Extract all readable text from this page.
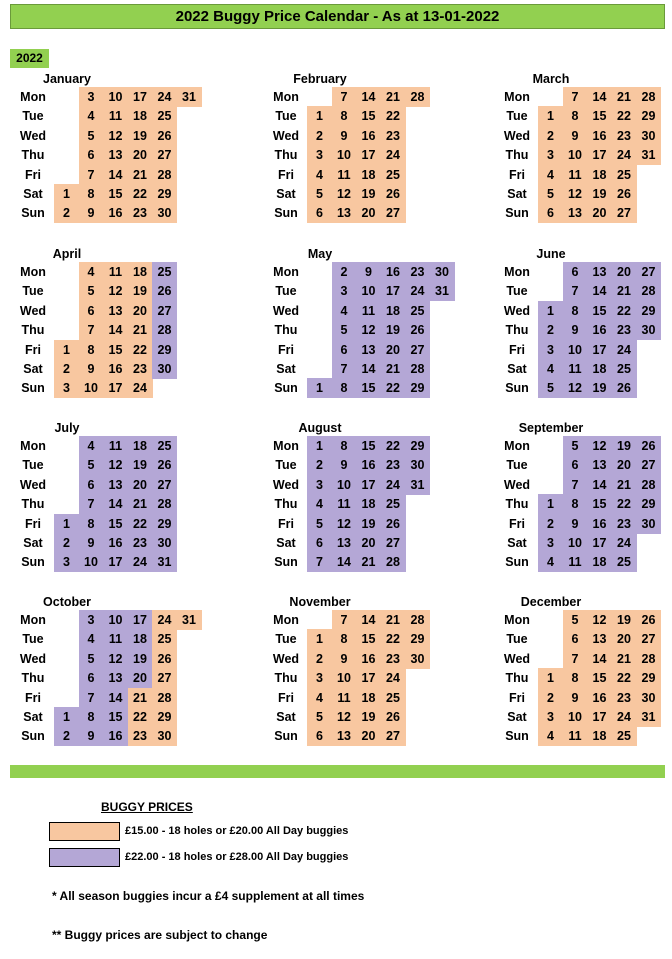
2022 Buggy Price Calendar - As at 13-01-2022
2022
January
Mon
Tue
Wed
Thu
Fri
Sat
Sun
1
2
3
4
5
6
7
8
9
10
11
12
13
14
15
16
17
18
19
20
21
22
23
24
25
26
27
28
29
30
31
February
Mon
Tue
Wed
Thu
Fri
Sat
Sun
1
2
3
4
5
6
7
8
9
10
11
12
13
14
15
16
17
18
19
20
21
22
23
24
25
26
27
28
March
Mon
Tue
Wed
Thu
Fri
Sat
Sun
1
2
3
4
5
6
7
8
9
10
11
12
13
14
15
16
17
18
19
20
21
22
23
24
25
26
27
28
29
30
31
April
Mon
Tue
Wed
Thu
Fri
Sat
Sun
1
2
3
4
5
6
7
8
9
10
11
12
13
14
15
16
17
18
19
20
21
22
23
24
25
26
27
28
29
30
May
Mon
Tue
Wed
Thu
Fri
Sat
Sun	1
2
3
4
5
6
7
8
9
10
11
12
13
14
15
16
17
18
19
20
21
22
23
24
25
26
27
28
29
30
31
June
Mon
Tue
Wed
Thu
Fri
Sat
Sun
1
2
3
4
5
6
7
8
9
10
11
12
13
14
15
16
17
18
19
20
21
22
23
24
25
26
27
28
29
30
July
Mon
Tue
Wed
Thu
Fri
Sat
Sun
1
2
3
4
5
6
7
8
9
10
11
12
13
14
15
16
17
18
19
20
21
22
23
24
25
26
27
28
29
30
31
August
Mon
Tue
Wed
Thu
Fri
Sat
Sun
1
2
3
4
5
6
7
8
9
10
11
12
13
14
15
16
17
18
19
20
21
22
23
24
25
26
27
28
29
30
31
September
Mon
Tue
Wed
Thu
Fri
Sat
Sun
1
2
3
4
5
6
7
8
9
10
11
12
13
14
15
16
17
18
19
20
21
22
23
24
25
26
27
28
29
30
October
Mon
Tue
Wed
Thu
Fri
Sat
Sun
1
2
3
4
5
6
7
8
9
10
11
12
13
14
15
16
17
18
19
20
21
22
23
24
25
26
27
28
29
30
31
November
Mon
Tue
Wed
Thu
Fri
Sat
Sun
1
2
3
4
5
6
7
8
9
10
11
12
13
14
15
16
17
18
19
20
21
22
23
24
25
26
27
28
29
30
December
Mon
Tue
Wed
Thu
Fri
Sat
Sun
1
2
3
4
5
6
7
8
9
10
11
12
13
14
15
16
17
18
19
20
21
22
23
24
25
26
27
28
29
30
31
BUGGY PRICES
£15.00 - 18 holes or £20.00 All Day buggies
£22.00 - 18 holes or £28.00 All Day buggies
* All season buggies incur a £4 supplement at all times
** Buggy prices are subject to change
